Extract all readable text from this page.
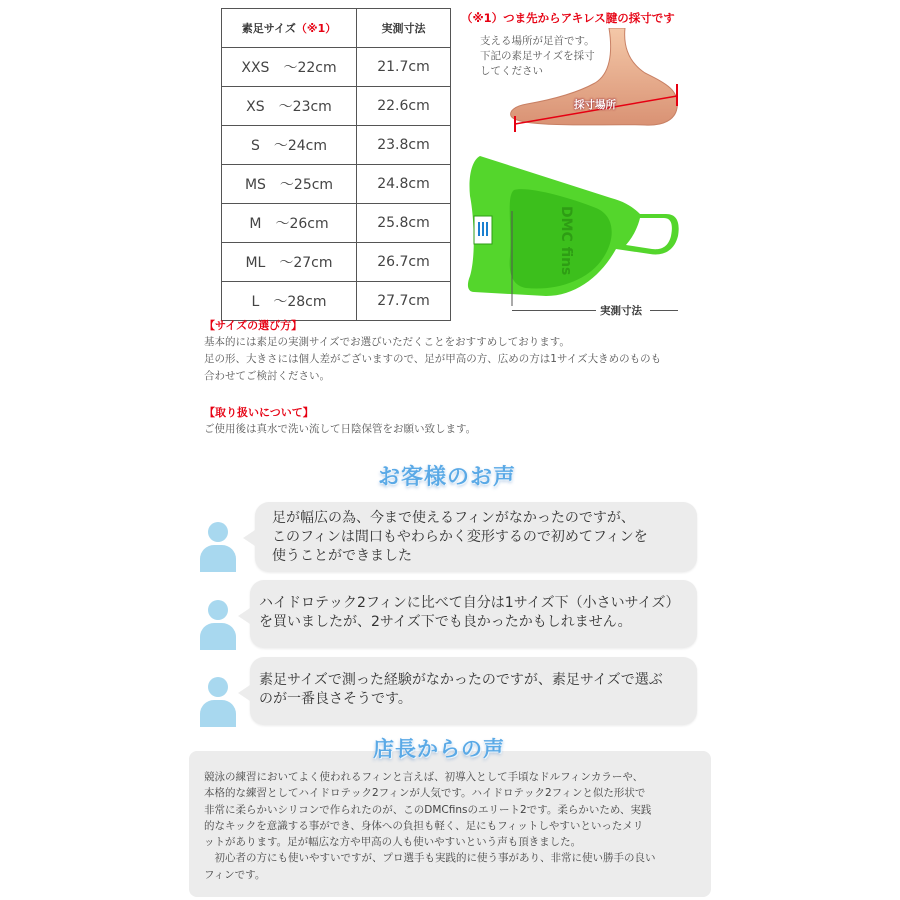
素足サイズ（※1）	実測寸法
XXS　 ～22cm	21.7cm
XS　 ～23cm	22.6cm
S　 ～24cm	23.8cm
MS　 ～25cm	24.8cm
M　 ～26cm	25.8cm
ML　 ～27cm	26.7cm
L　 ～28cm	27.7cm
（※1）つま先からアキレス腱の採寸です
支える場所が足首です。
下記の素足サイズを採寸
してください
採寸場所
DMC fins
実測寸法
【サイズの選び方】
基本的には素足の実測サイズでお選びいただくことをおすすめしております。
足の形、大きさには個人差がございますので、足が甲高の方、広めの方は1サイズ大きめのものも
合わせてご検討ください。
【取り扱いについて】
ご使用後は真水で洗い流して日陰保管をお願い致します。
お客様のお声
足が幅広の為、今まで使えるフィンがなかったのですが、
このフィンは間口もやわらかく変形するので初めてフィンを
使うことができました
ハイドロテック2フィンに比べて自分は1サイズ下（小さいサイズ）
を買いましたが、2サイズ下でも良かったかもしれません。
素足サイズで測った経験がなかったのですが、素足サイズで選ぶ
のが一番良さそうです。
店長からの声
競泳の練習においてよく使われるフィンと言えば、初導入として手頃なドルフィンカラーや、
本格的な練習としてハイドロテック2フィンが人気です。ハイドロテック2フィンと似た形状で
非常に柔らかいシリコンで作られたのが、このDMCfinsのエリート2です。柔らかいため、実践
的なキックを意識する事ができ、身体への負担も軽く、足にもフィットしやすいといったメリ
ットがあります。足が幅広な方や甲高の人も使いやすいという声も頂きました。
　初心者の方にも使いやすいですが、プロ選手も実践的に使う事があり、非常に使い勝手の良い
フィンです。
